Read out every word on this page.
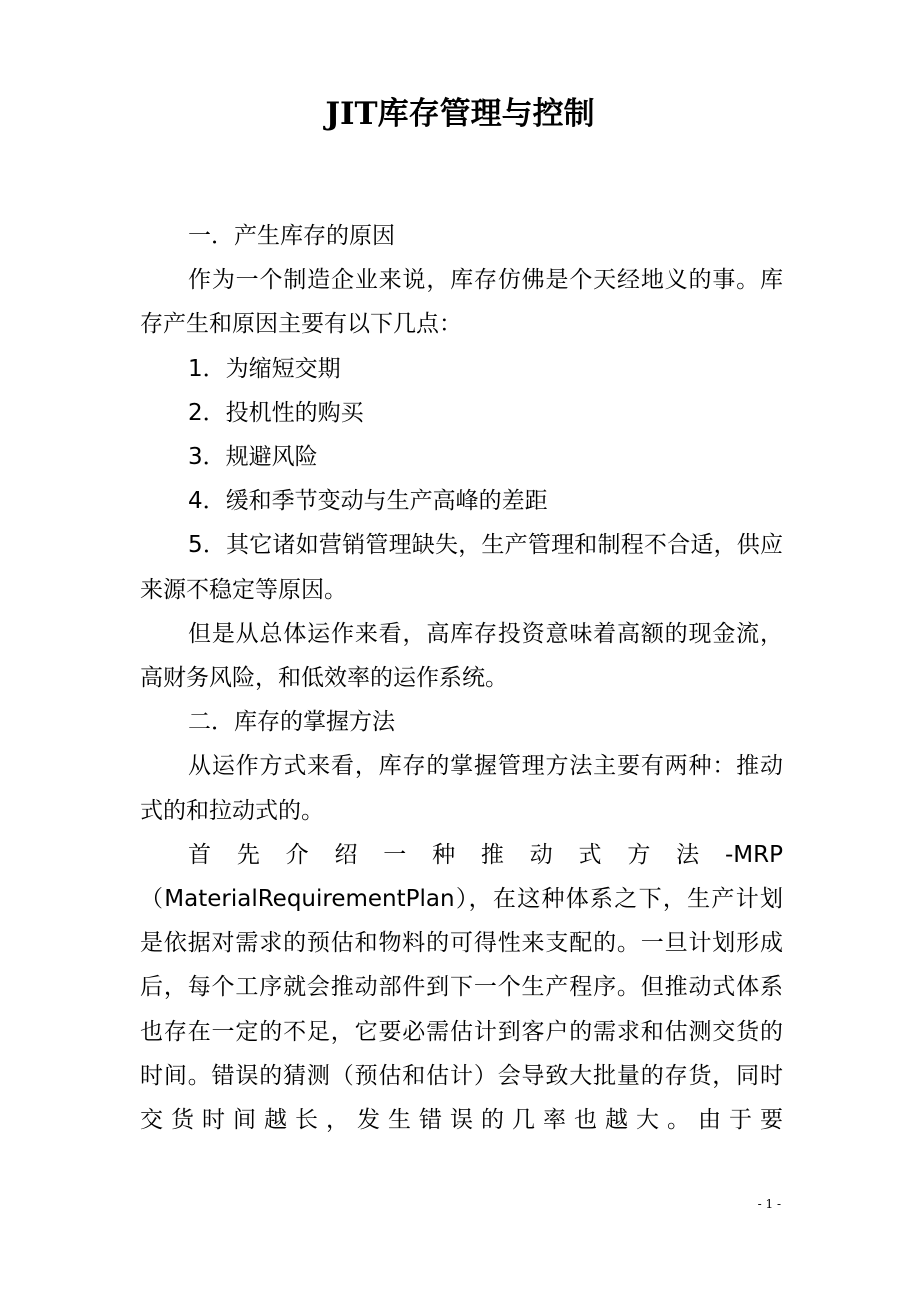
JIT库存管理与控制

一．产生库存的原因

作为一个制造企业来说，库存仿佛是个天经地义的事。库存产生和原因主要有以下几点：

1．为缩短交期

2．投机性的购买

3．规避风险

4．缓和季节变动与生产高峰的差距

5．其它诸如营销管理缺失，生产管理和制程不合适，供应来源不稳定等原因。

但是从总体运作来看，高库存投资意味着高额的现金流，高财务风险，和低效率的运作系统。

二．库存的掌握方法

从运作方式来看，库存的掌握管理方法主要有两种：推动式的和拉动式的。

首先介绍一种推动式方法-MRP（MaterialRequirementPlan），在这种体系之下，生产计划是依据对需求的预估和物料的可得性来支配的。一旦计划形成后，每个工序就会推动部件到下一个生产程序。但推动式体系也存在一定的不足，它要必需估计到客户的需求和估测交货的时间。错误的猜测（预估和估计）会导致大批量的存货，同时交货时间越长，发生错误的几率也越大。由于要

- 1 -
